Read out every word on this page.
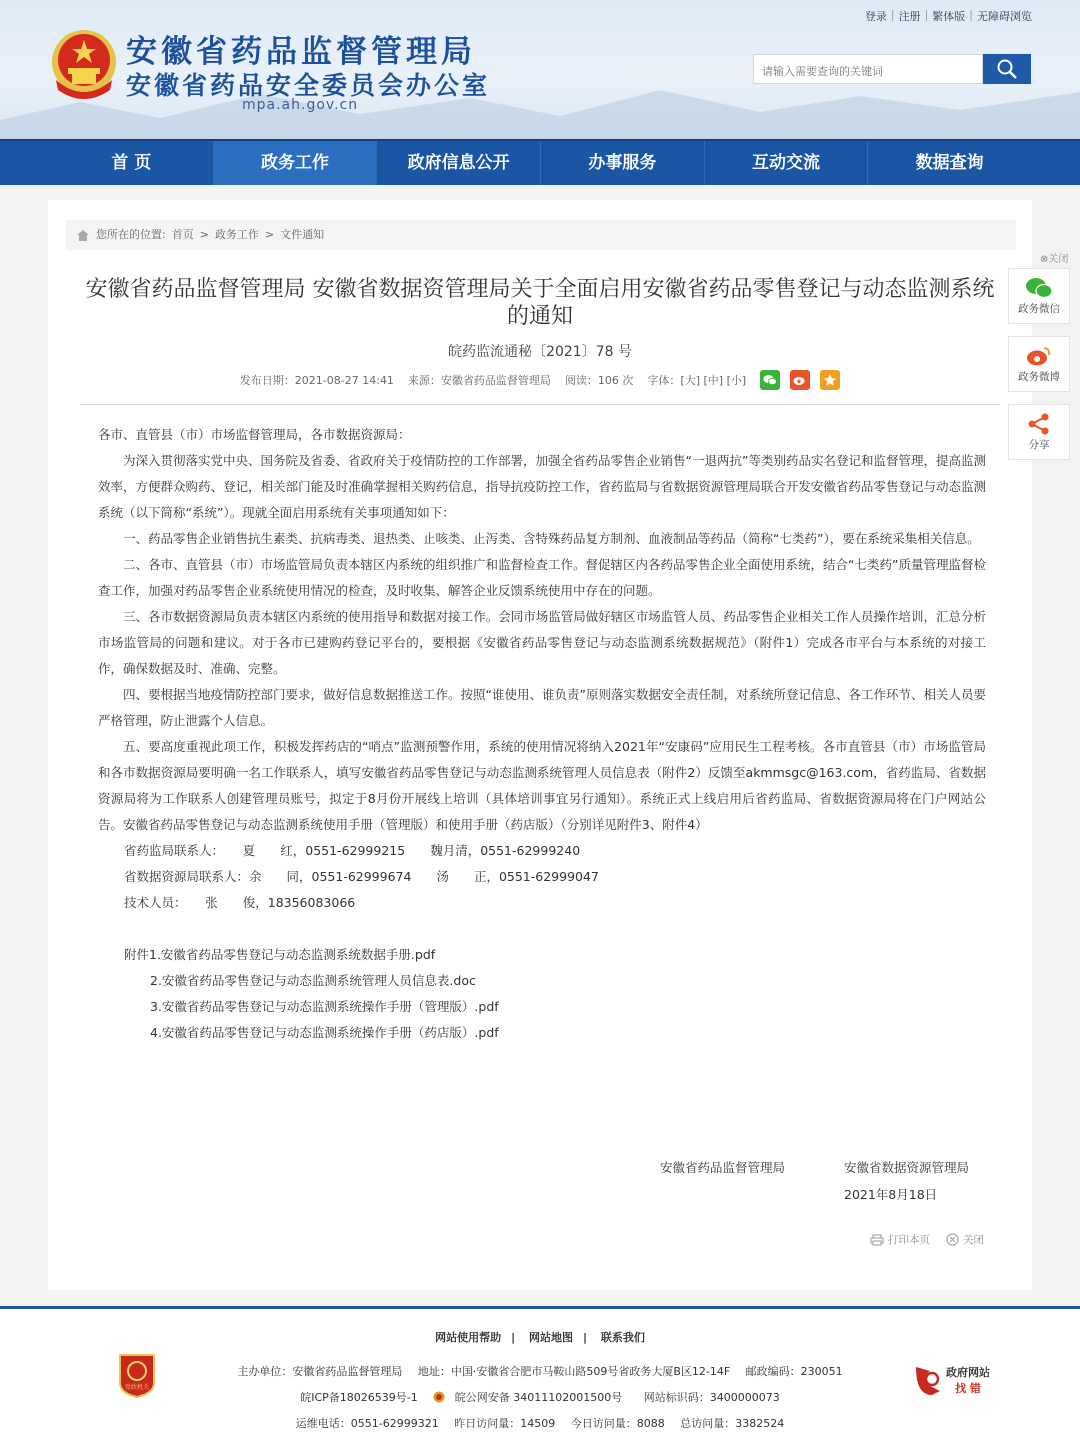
安徽省药品监督管理局
安徽省药品安全委员会办公室
mpa.ah.gov.cn
登录 | 注册 | 繁体版 | 无障碍浏览
请输入需要查询的关键词
首 页	政务工作	政府信息公开	办事服务	互动交流	数据查询
您所在的位置: 首页 > 政务工作 > 文件通知
安徽省药品监督管理局 安徽省数据资管理局关于全面启用安徽省药品零售登记与动态监测系统的通知
皖药监流通秘〔2021〕78 号
发布日期：2021-08-27 14:41 来源：安徽省药品监督管理局 阅读：106 次 字体：[大] [中] [小]

各市、直管县（市）市场监督管理局，各市数据资源局：

为深入贯彻落实党中央、国务院及省委、省政府关于疫情防控的工作部署，加强全省药品零售企业销售“一退两抗”等类别药品实名登记和监督管理，提高监测效率，方便群众购药、登记，相关部门能及时准确掌握相关购药信息，指导抗疫防控工作，省药监局与省数据资源管理局联合开发安徽省药品零售登记与动态监测系统（以下简称“系统”）。现就全面启用系统有关事项通知如下：

一、药品零售企业销售抗生素类、抗病毒类、退热类、止咳类、止泻类、含特殊药品复方制剂、血液制品等药品（简称“七类药”），要在系统采集相关信息。

二、各市、直管县（市）市场监管局负责本辖区内系统的组织推广和监督检查工作。督促辖区内各药品零售企业全面使用系统，结合“七类药”质量管理监督检查工作，加强对药品零售企业系统使用情况的检查，及时收集、解答企业反馈系统使用中存在的问题。

三、各市数据资源局负责本辖区内系统的使用指导和数据对接工作。会同市场监管局做好辖区市场监管人员、药品零售企业相关工作人员操作培训，汇总分析市场监管局的问题和建议。对于各市已建购药登记平台的，要根据《安徽省药品零售登记与动态监测系统数据规范》（附件1）完成各市平台与本系统的对接工作，确保数据及时、准确、完整。

四、要根据当地疫情防控部门要求，做好信息数据推送工作。按照“谁使用、谁负责”原则落实数据安全责任制，对系统所登记信息、各工作环节、相关人员要严格管理，防止泄露个人信息。

五、要高度重视此项工作，积极发挥药店的“哨点”监测预警作用，系统的使用情况将纳入2021年“安康码”应用民生工程考核。各市直管县（市）市场监管局和各市数据资源局要明确一名工作联系人，填写安徽省药品零售登记与动态监测系统管理人员信息表（附件2）反馈至akmmsgc@163.com，省药监局、省数据资源局将为工作联系人创建管理员账号，拟定于8月份开展线上培训（具体培训事宜另行通知）。系统正式上线启用后省药监局、省数据资源局将在门户网站公告。安徽省药品零售登记与动态监测系统使用手册（管理版）和使用手册（药店版）（分别详见附件3、附件4）

省药监局联系人：　　夏　　红，0551-62999215　　魏月清，0551-62999240

省数据资源局联系人：余　　同，0551-62999674　　汤　　正，0551-62999047

技术人员：　　张　　俊，18356083066

附件1.安徽省药品零售登记与动态监测系统数据手册.pdf

2.安徽省药品零售登记与动态监测系统管理人员信息表.doc

3.安徽省药品零售登记与动态监测系统操作手册（管理版）.pdf

4.安徽省药品零售登记与动态监测系统操作手册（药店版）.pdf

安徽省药品监督管理局	安徽省数据资源管理局
2021年8月18日
打印本页	关闭
⊗关闭
政务微信
政务微博
分享
网站使用帮助 | 网站地图 | 联系我们
党政机关
主办单位：安徽省药品监督管理局 地址：中国·安徽省合肥市马鞍山路509号省政务大厦B区12-14F 邮政编码：230051
皖ICP备18026539号-1	皖公网安备 34011102001500号 网站标识码：3400000073
运维电话：0551-62999321 昨日访问量：14509 今日访问量：8088 总访问量：3382524
政府网站
找 错
